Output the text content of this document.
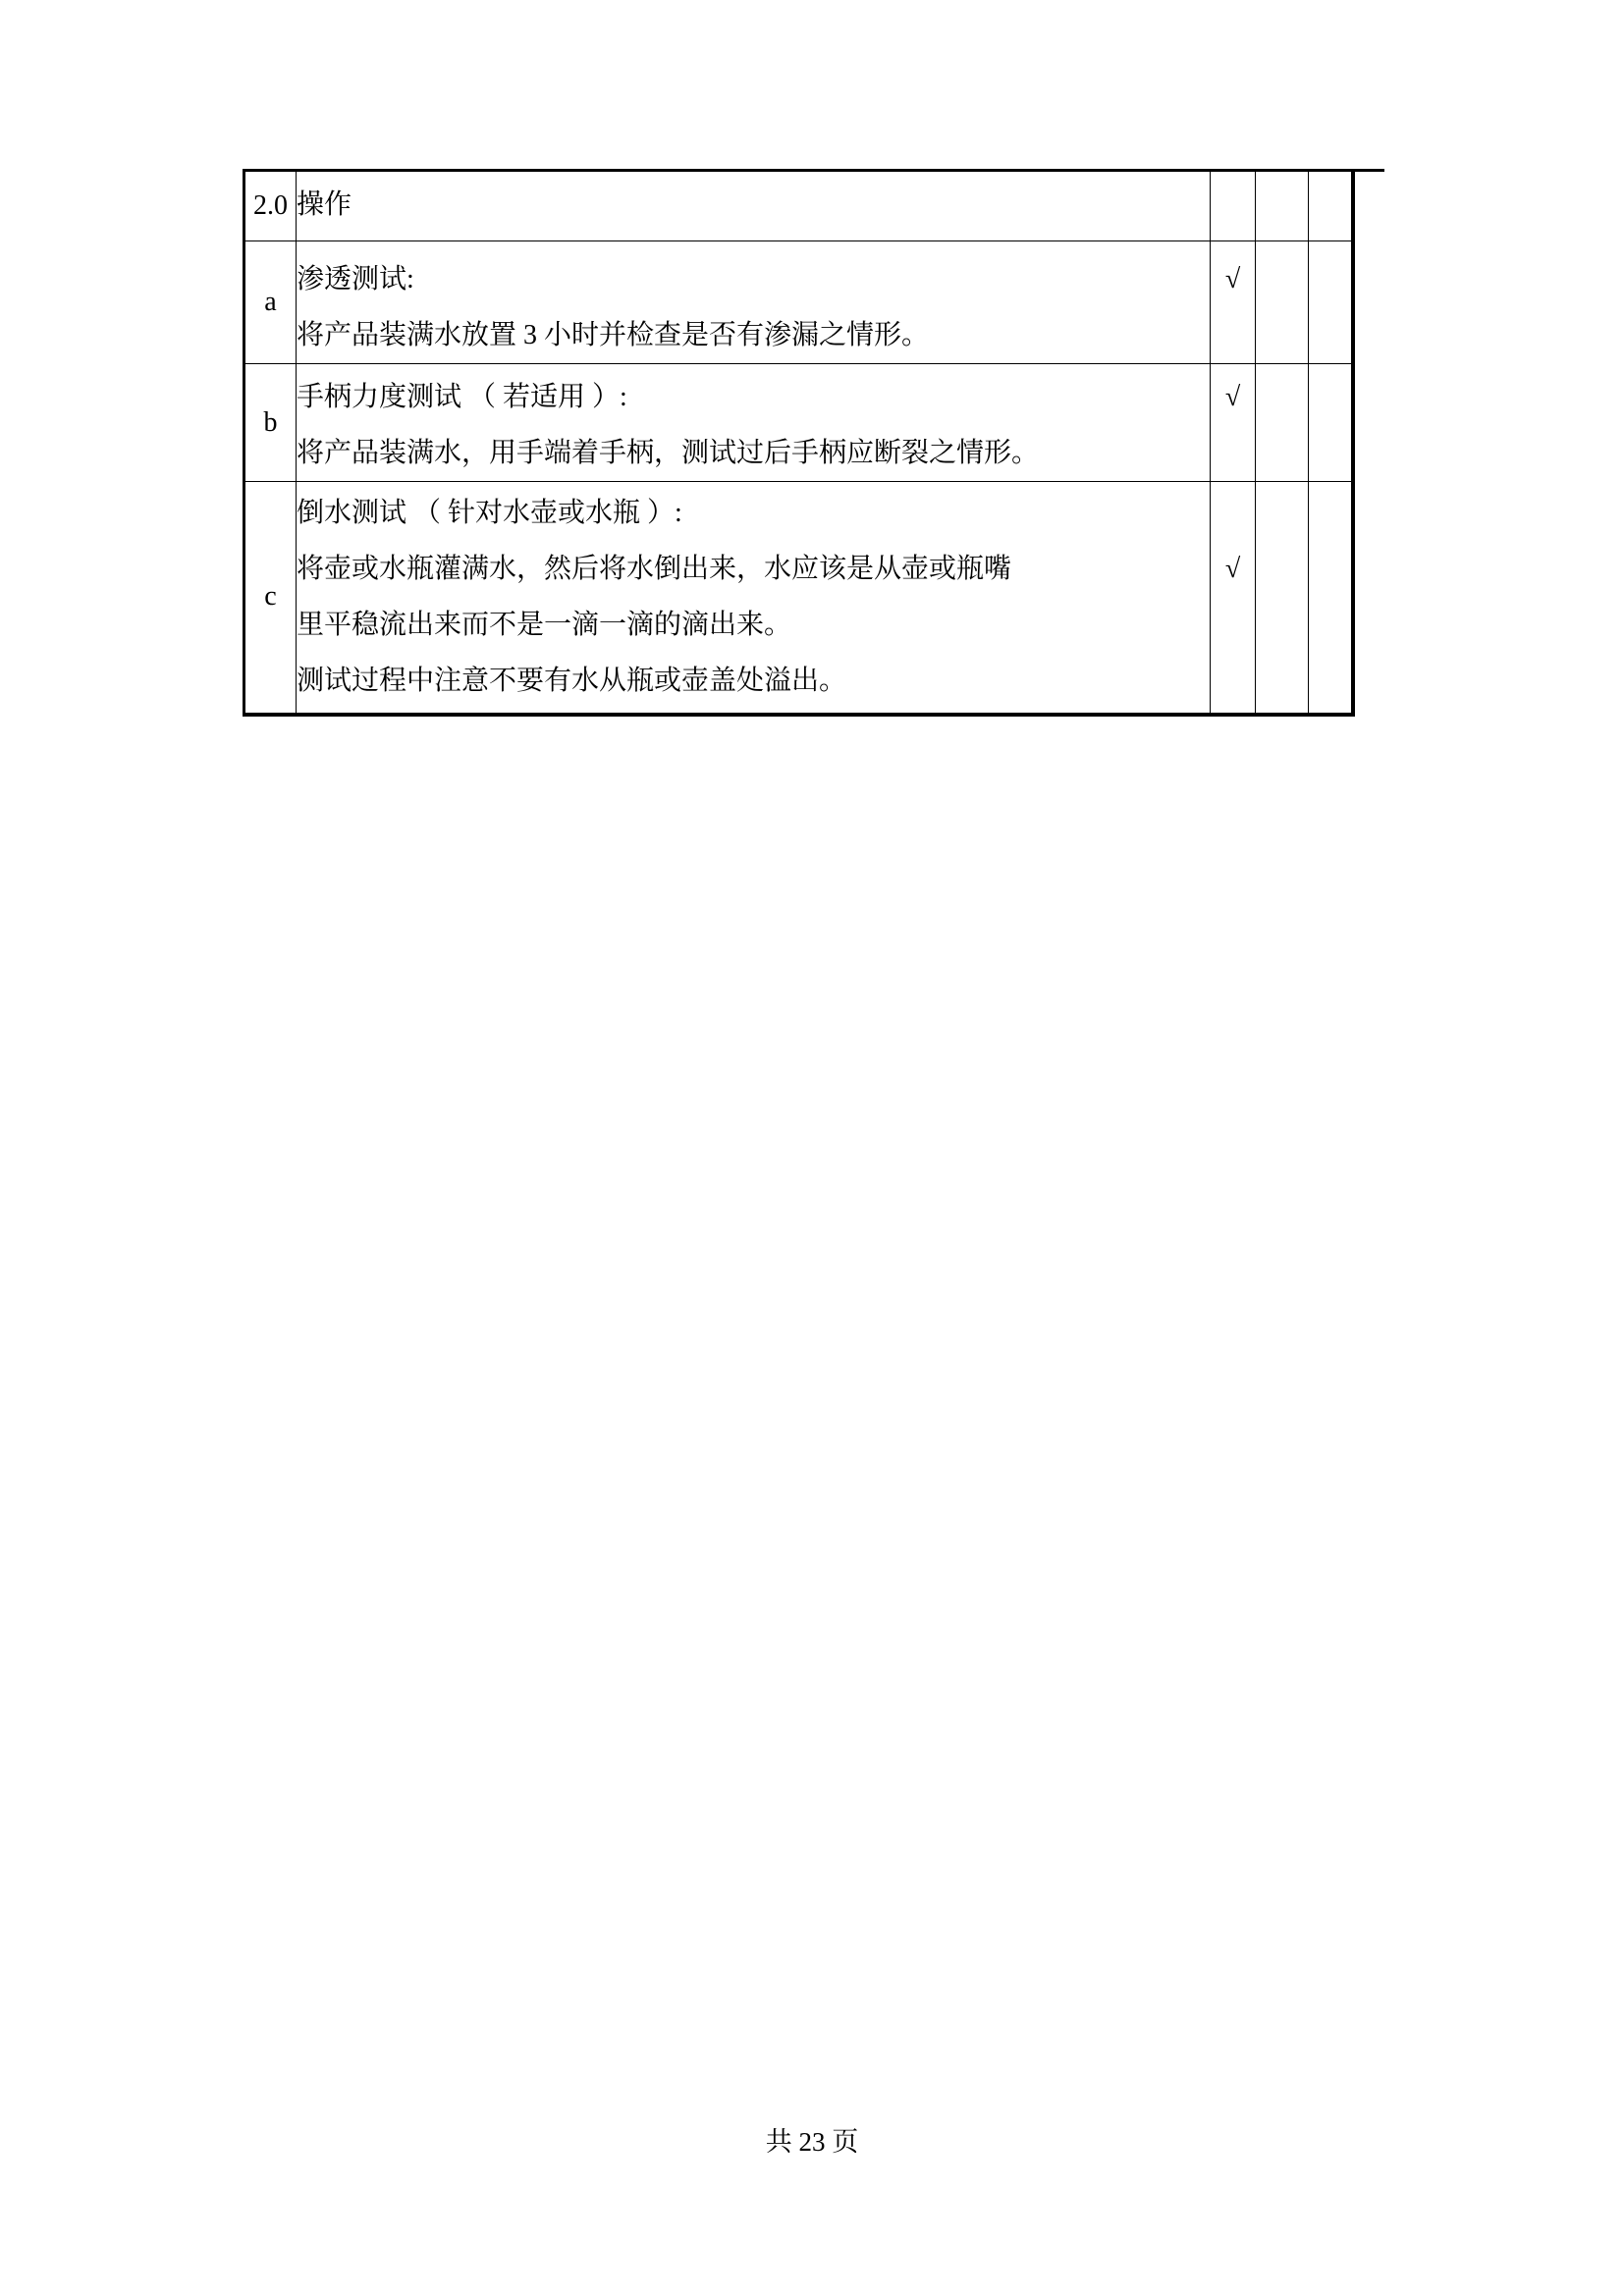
2.0	操作			

a	渗透测试:
将产品装满水放置 3 小时并检查是否有渗漏之情形。	√		
b	手柄力度测试 （ 若适用 ）:
将产品装满水，用手端着手柄，测试过后手柄应断裂之情形。	√		
c	倒水测试 （ 针对水壶或水瓶 ）:
将壶或水瓶灌满水，然后将水倒出来，水应该是从壶或瓶嘴
里平稳流出来而不是一滴一滴的滴出来。
测试过程中注意不要有水从瓶或壶盖处溢出。	√		
共 23 页
